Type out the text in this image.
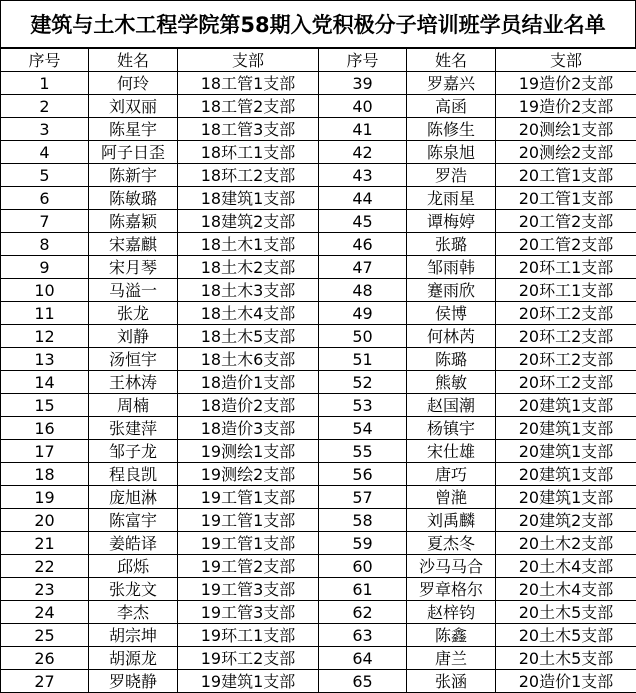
建筑与土木工程学院第58期入党积极分子培训班学员结业名单
序号	姓名	支部	序号	姓名	支部
1	何玲	18工管1支部	39	罗嘉兴	19造价2支部
2	刘双丽	18工管2支部	40	高函	19造价2支部
3	陈星宇	18工管3支部	41	陈修生	20测绘1支部
4	阿子日歪	18环工1支部	42	陈泉旭	20测绘2支部
5	陈新宇	18环工2支部	43	罗浩	20工管1支部
6	陈敏璐	18建筑1支部	44	龙雨星	20工管1支部
7	陈嘉颖	18建筑2支部	45	谭梅婷	20工管2支部
8	宋嘉麒	18土木1支部	46	张璐	20工管2支部
9	宋月琴	18土木2支部	47	邹雨韩	20环工1支部
10	马溢一	18土木3支部	48	蹇雨欣	20环工1支部
11	张龙	18土木4支部	49	侯博	20环工2支部
12	刘静	18土木5支部	50	何林芮	20环工2支部
13	汤恒宇	18土木6支部	51	陈璐	20环工2支部
14	王林涛	18造价1支部	52	熊敏	20环工2支部
15	周楠	18造价2支部	53	赵国潮	20建筑1支部
16	张建萍	18造价3支部	54	杨镇宇	20建筑1支部
17	邹子龙	19测绘1支部	55	宋仕雄	20建筑1支部
18	程良凯	19测绘2支部	56	唐巧	20建筑1支部
19	庞旭淋	19工管1支部	57	曾滟	20建筑1支部
20	陈富宇	19工管1支部	58	刘禹麟	20建筑2支部
21	姜皓译	19工管1支部	59	夏杰冬	20土木2支部
22	邱烁	19工管2支部	60	沙马马合	20土木4支部
23	张龙文	19工管3支部	61	罗章格尔	20土木4支部
24	李杰	19工管3支部	62	赵梓钧	20土木5支部
25	胡宗坤	19环工1支部	63	陈鑫	20土木5支部
26	胡源龙	19环工2支部	64	唐兰	20土木5支部
27	罗晓静	19建筑1支部	65	张涵	20造价1支部
